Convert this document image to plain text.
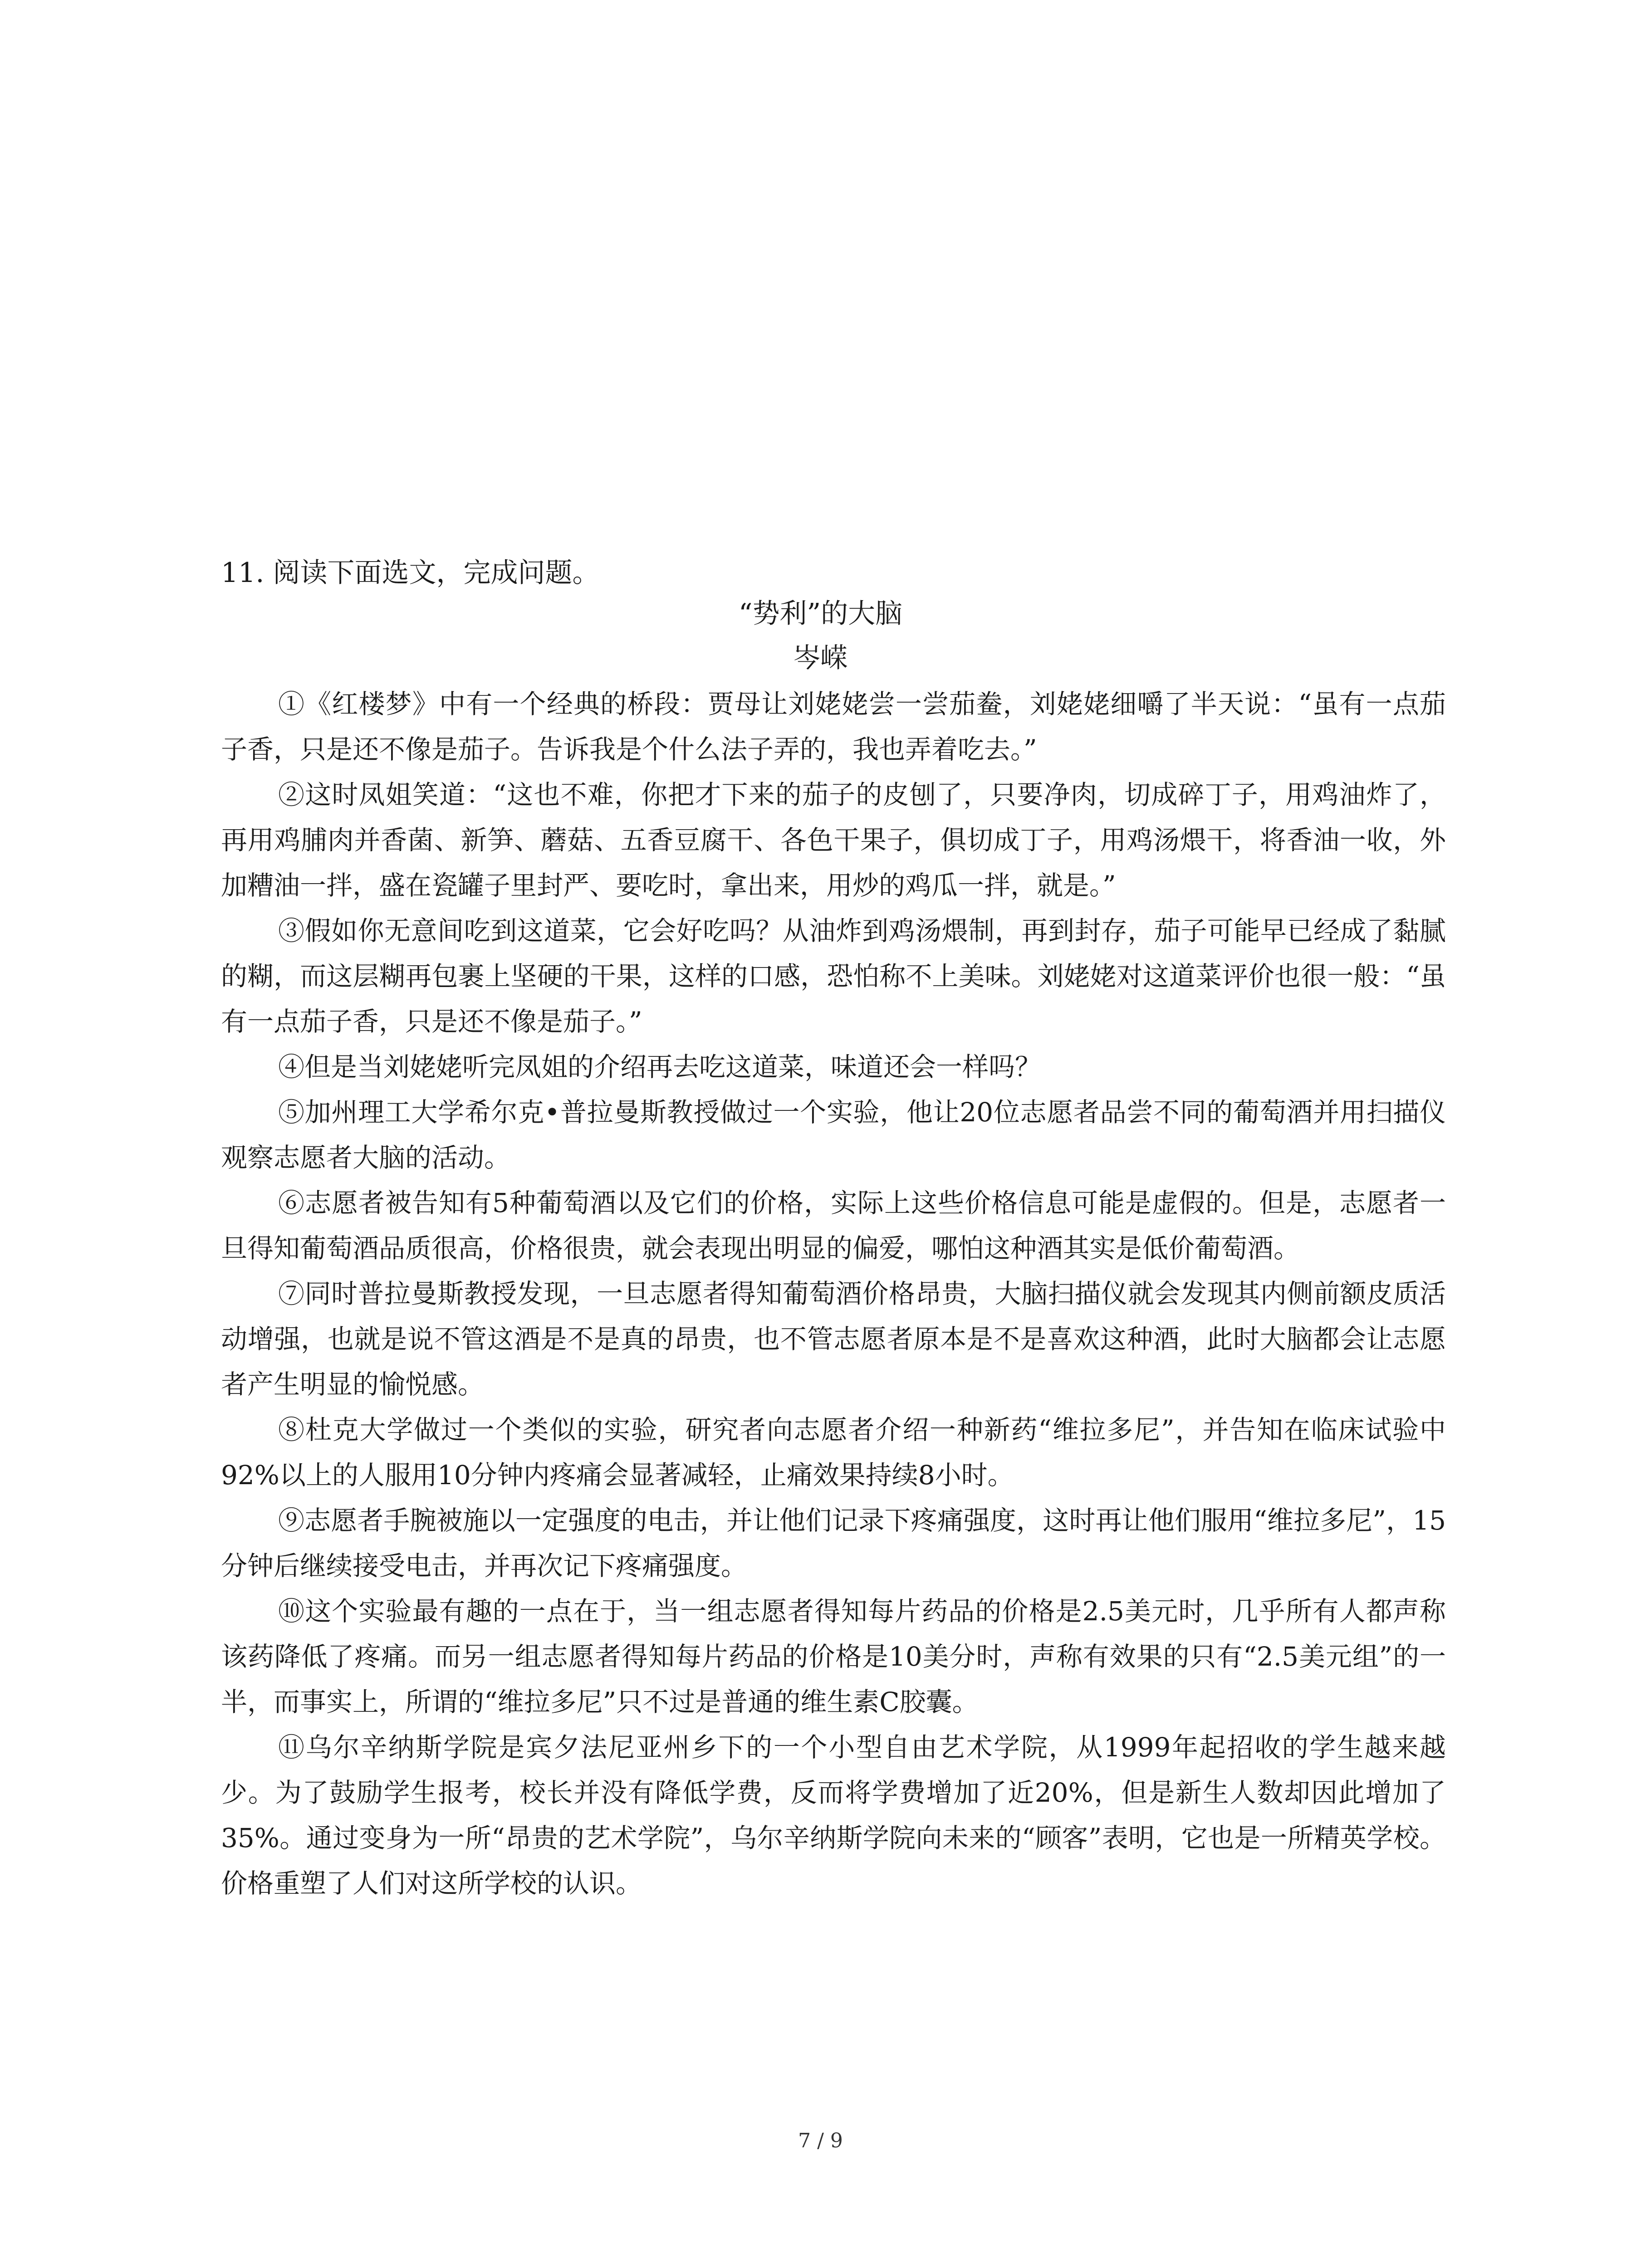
11. 阅读下面选文，完成问题。
“势利”的大脑
岑嵘

①《红楼梦》中有一个经典的桥段：贾母让刘姥姥尝一尝茄鲞，刘姥姥细嚼了半天说：“虽有一点茄子香，只是还不像是茄子。告诉我是个什么法子弄的，我也弄着吃去。”

②这时凤姐笑道：“这也不难，你把才下来的茄子的皮刨了，只要净肉，切成碎丁子，用鸡油炸了，再用鸡脯肉并香菌、新笋、蘑菇、五香豆腐干、各色干果子，俱切成丁子，用鸡汤煨干，将香油一收，外加糟油一拌，盛在瓷罐子里封严、要吃时，拿出来，用炒的鸡瓜一拌，就是。”

③假如你无意间吃到这道菜，它会好吃吗？从油炸到鸡汤煨制，再到封存，茄子可能早已经成了黏腻的糊，而这层糊再包裹上坚硬的干果，这样的口感，恐怕称不上美味。刘姥姥对这道菜评价也很一般：“虽有一点茄子香，只是还不像是茄子。”

④但是当刘姥姥听完凤姐的介绍再去吃这道菜，味道还会一样吗？

⑤加州理工大学希尔克•普拉曼斯教授做过一个实验，他让20位志愿者品尝不同的葡萄酒并用扫描仪观察志愿者大脑的活动。

⑥志愿者被告知有5种葡萄酒以及它们的价格，实际上这些价格信息可能是虚假的。但是，志愿者一旦得知葡萄酒品质很高，价格很贵，就会表现出明显的偏爱，哪怕这种酒其实是低价葡萄酒。

⑦同时普拉曼斯教授发现，一旦志愿者得知葡萄酒价格昂贵，大脑扫描仪就会发现其内侧前额皮质活动增强，也就是说不管这酒是不是真的昂贵，也不管志愿者原本是不是喜欢这种酒，此时大脑都会让志愿者产生明显的愉悦感。

⑧杜克大学做过一个类似的实验，研究者向志愿者介绍一种新药“维拉多尼”，并告知在临床试验中92%以上的人服用10分钟内疼痛会显著减轻，止痛效果持续8小时。

⑨志愿者手腕被施以一定强度的电击，并让他们记录下疼痛强度，这时再让他们服用“维拉多尼”，15分钟后继续接受电击，并再次记下疼痛强度。

⑩这个实验最有趣的一点在于，当一组志愿者得知每片药品的价格是2.5美元时，几乎所有人都声称该药降低了疼痛。而另一组志愿者得知每片药品的价格是10美分时，声称有效果的只有“2.5美元组”的一半，而事实上，所谓的“维拉多尼”只不过是普通的维生素C胶囊。

⑪乌尔辛纳斯学院是宾夕法尼亚州乡下的一个小型自由艺术学院，从1999年起招收的学生越来越少。为了鼓励学生报考，校长并没有降低学费，反而将学费增加了近20%，但是新生人数却因此增加了35%。通过变身为一所“昂贵的艺术学院”，乌尔辛纳斯学院向未来的“顾客”表明，它也是一所精英学校。价格重塑了人们对这所学校的认识。

7 / 9
